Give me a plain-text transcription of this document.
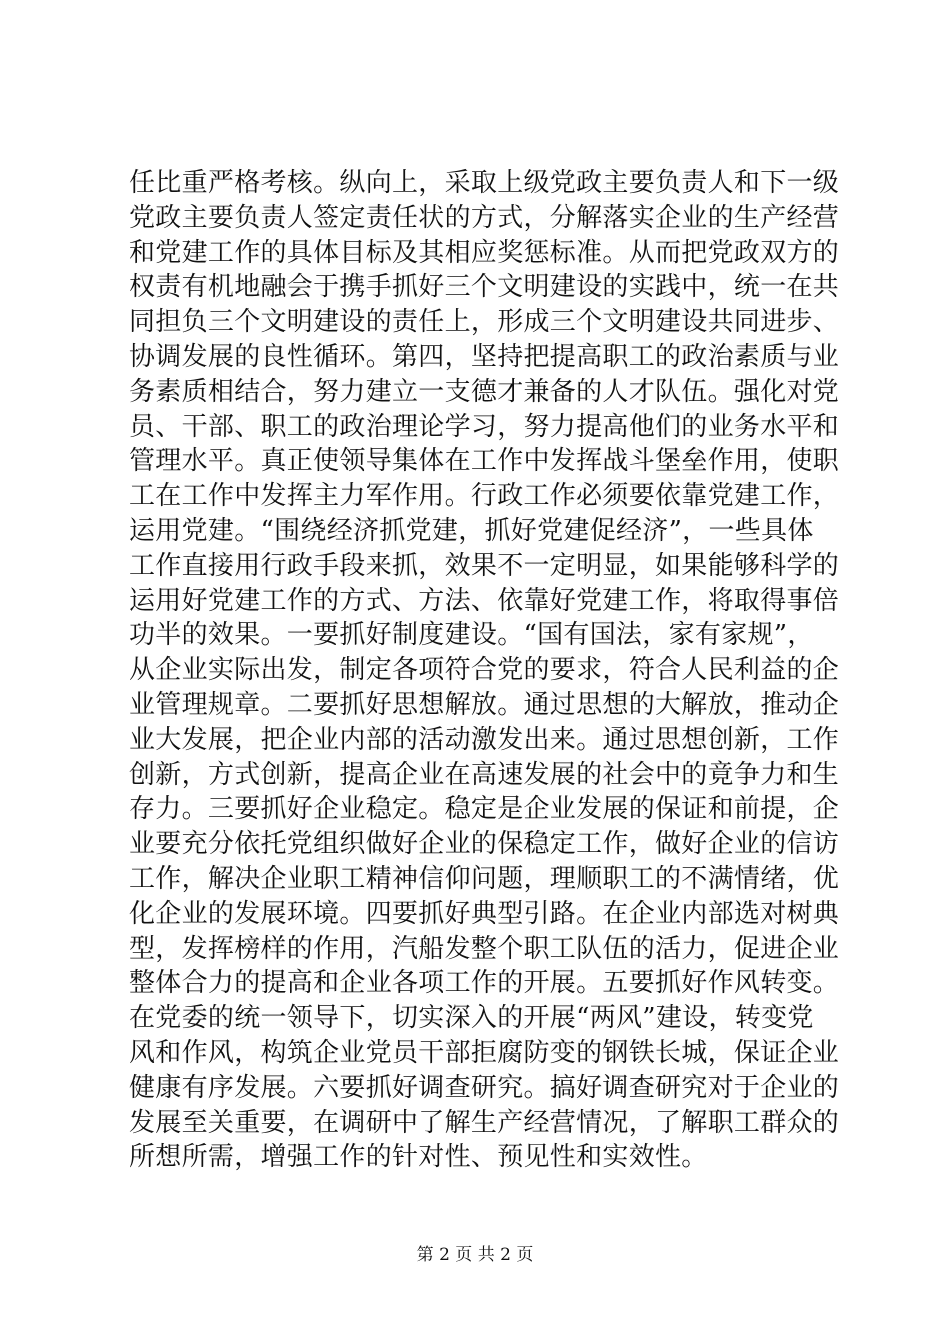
任比重严格考核。纵向上，采取上级党政主要负责人和下一级
党政主要负责人签定责任状的方式，分解落实企业的生产经营
和党建工作的具体目标及其相应奖惩标准。从而把党政双方的
权责有机地融会于携手抓好三个文明建设的实践中，统一在共
同担负三个文明建设的责任上，形成三个文明建设共同进步、
协调发展的良性循环。第四，坚持把提高职工的政治素质与业
务素质相结合，努力建立一支德才兼备的人才队伍。强化对党
员、干部、职工的政治理论学习，努力提高他们的业务水平和
管理水平。真正使领导集体在工作中发挥战斗堡垒作用，使职
工在工作中发挥主力军作用。行政工作必须要依靠党建工作，
运用党建。“围绕经济抓党建，抓好党建促经济”，一些具体
工作直接用行政手段来抓，效果不一定明显，如果能够科学的
运用好党建工作的方式、方法、依靠好党建工作，将取得事倍
功半的效果。一要抓好制度建设。“国有国法，家有家规”，
从企业实际出发，制定各项符合党的要求，符合人民利益的企
业管理规章。二要抓好思想解放。通过思想的大解放，推动企
业大发展，把企业内部的活动激发出来。通过思想创新，工作
创新，方式创新，提高企业在高速发展的社会中的竟争力和生
存力。三要抓好企业稳定。稳定是企业发展的保证和前提，企
业要充分依托党组织做好企业的保稳定工作，做好企业的信访
工作，解决企业职工精神信仰问题，理顺职工的不满情绪，优
化企业的发展环境。四要抓好典型引路。在企业内部选对树典
型，发挥榜样的作用，汽船发整个职工队伍的活力，促进企业
整体合力的提高和企业各项工作的开展。五要抓好作风转变。
在党委的统一领导下，切实深入的开展“两风”建设，转变党
风和作风，构筑企业党员干部拒腐防变的钢铁长城，保证企业
健康有序发展。六要抓好调查研究。搞好调查研究对于企业的
发展至关重要，在调研中了解生产经营情况，了解职工群众的
所想所需，增强工作的针对性、预见性和实效性。
第 2 页 共 2 页
